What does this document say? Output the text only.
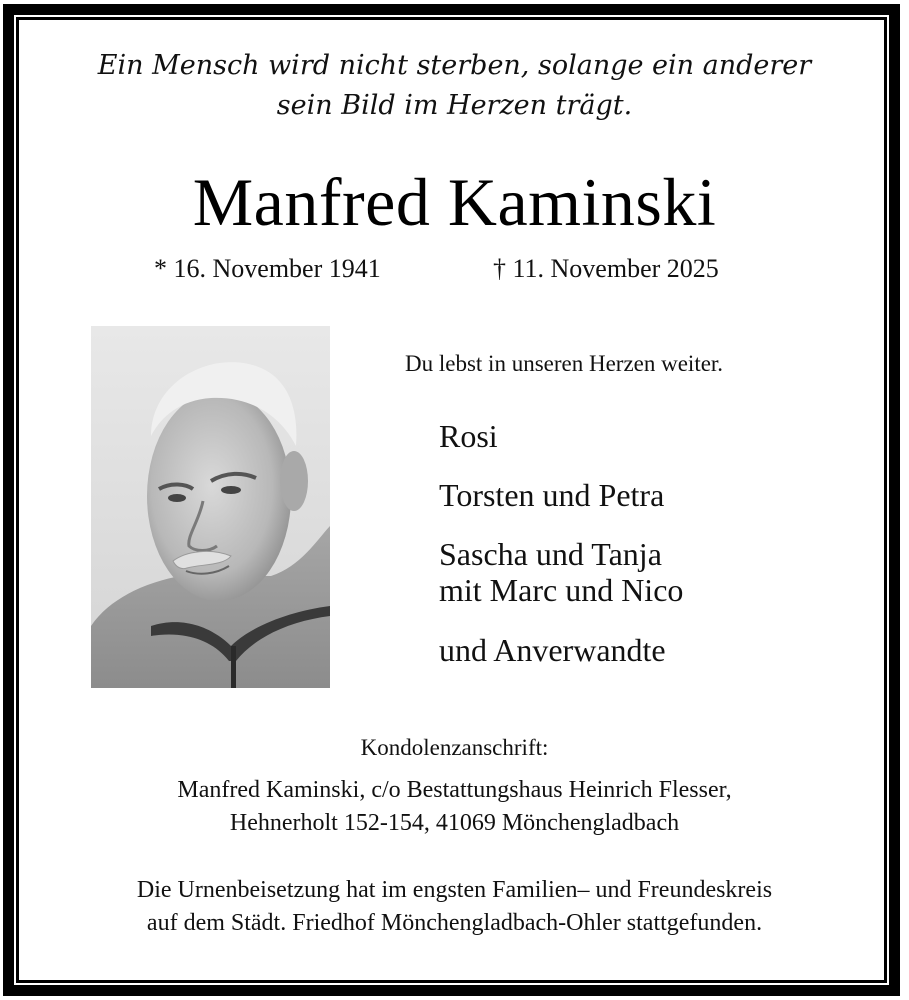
Ein Mensch wird nicht sterben, solange ein anderer
sein Bild im Herzen trägt.
Manfred Kaminski
* 16. November 1941	† 11. November 2025
Du lebst in unseren Herzen weiter.
Rosi
Torsten und Petra
Sascha und Tanja
mit Marc und Nico
und Anverwandte
Kondolenzanschrift:
Manfred Kaminski, c/o Bestattungshaus Heinrich Flesser,
Hehnerholt 152-154, 41069 Mönchengladbach
Die Urnenbeisetzung hat im engsten Familien– und Freundeskreis
auf dem Städt. Friedhof Mönchengladbach-Ohler stattgefunden.
